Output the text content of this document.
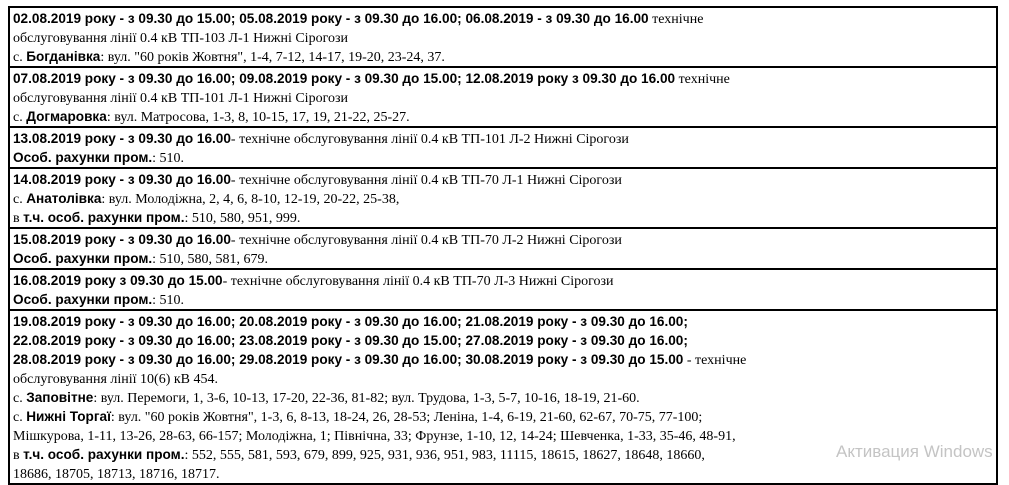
02.08.2019 року - з 09.30 до 15.00; 05.08.2019 року - з 09.30 до 16.00; 06.08.2019 - з 09.30 до 16.00 технічне
обслуговування лінії 0.4 кВ ТП-103 Л-1 Нижні Сірогози
с. Богданівка: вул. "60 років Жовтня", 1-4, 7-12, 14-17, 19-20, 23-24, 37.
07.08.2019 року - з 09.30 до 16.00; 09.08.2019 року - з 09.30 до 15.00; 12.08.2019 року з 09.30 до 16.00 технічне
обслуговування лінії 0.4 кВ ТП-101 Л-1 Нижні Сірогози
с. Догмаровка: вул. Матросова, 1-3, 8, 10-15, 17, 19, 21-22, 25-27.
13.08.2019 року - з 09.30 до 16.00- технічне обслуговування лінії 0.4 кВ ТП-101 Л-2 Нижні Сірогози
Особ. рахунки пром.: 510.
14.08.2019 року - з 09.30 до 16.00- технічне обслуговування лінії 0.4 кВ ТП-70 Л-1 Нижні Сірогози
с. Анатолівка: вул. Молодіжна, 2, 4, 6, 8-10, 12-19, 20-22, 25-38,
в т.ч. особ. рахунки пром.: 510, 580, 951, 999.
15.08.2019 року - з 09.30 до 16.00- технічне обслуговування лінії 0.4 кВ ТП-70 Л-2 Нижні Сірогози
Особ. рахунки пром.: 510, 580, 581, 679.
16.08.2019 року з 09.30 до 15.00- технічне обслуговування лінії 0.4 кВ ТП-70 Л-3 Нижні Сірогози
Особ. рахунки пром.: 510.
19.08.2019 року - з 09.30 до 16.00; 20.08.2019 року - з 09.30 до 16.00; 21.08.2019 року - з 09.30 до 16.00;
22.08.2019 року - з 09.30 до 16.00; 23.08.2019 року - з 09.30 до 15.00; 27.08.2019 року - з 09.30 до 16.00;
28.08.2019 року - з 09.30 до 16.00; 29.08.2019 року - з 09.30 до 16.00; 30.08.2019 року - з 09.30 до 15.00 - технічне
обслуговування лінії 10(6) кВ 454.
с. Заповітне: вул. Перемоги, 1, 3-6, 10-13, 17-20, 22-36, 81-82; вул. Трудова, 1-3, 5-7, 10-16, 18-19, 21-60.
с. Нижні Торгаї: вул. "60 років Жовтня", 1-3, 6, 8-13, 18-24, 26, 28-53; Леніна, 1-4, 6-19, 21-60, 62-67, 70-75, 77-100;
Мішкурова, 1-11, 13-26, 28-63, 66-157; Молодіжна, 1; Північна, 33; Фрунзе, 1-10, 12, 14-24; Шевченка, 1-33, 35-46, 48-91,
в т.ч. особ. рахунки пром.: 552, 555, 581, 593, 679, 899, 925, 931, 936, 951, 983, 11115, 18615, 18627, 18648, 18660,
18686, 18705, 18713, 18716, 18717.
Активация Windows
